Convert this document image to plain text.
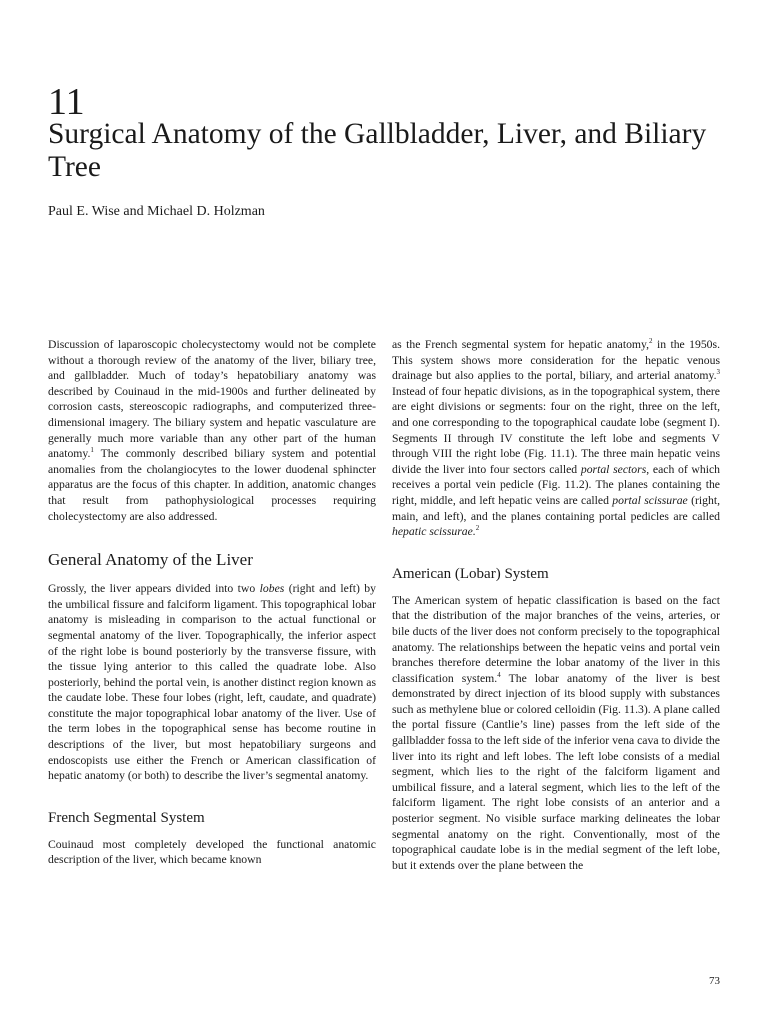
11
Surgical Anatomy of the Gallbladder, Liver, and Biliary Tree

Paul E. Wise and Michael D. Holzman

Discussion of laparoscopic cholecystectomy would not be complete without a thorough review of the anatomy of the liver, biliary tree, and gallbladder. Much of today’s hepatobiliary anatomy was described by Couinaud in the mid-1900s and further delineated by corrosion casts, stereoscopic radiographs, and computerized three-dimensional imagery. The biliary system and hepatic vasculature are generally much more variable than any other part of the human anatomy.$^1$ The commonly described biliary system and potential anomalies from the cholangiocytes to the lower duodenal sphincter apparatus are the focus of this chapter. In addition, anatomic changes that result from pathophysiological processes requiring cholecystectomy are also addressed.

General Anatomy of the Liver

Grossly, the liver appears divided into two lobes (right and left) by the umbilical fissure and falciform ligament. This topographical lobar anatomy is misleading in comparison to the actual functional or segmental anatomy of the liver. Topographically, the inferior aspect of the right lobe is bound posteriorly by the transverse fissure, with the tissue lying anterior to this called the quadrate lobe. Also posteriorly, behind the portal vein, is another distinct region known as the caudate lobe. These four lobes (right, left, caudate, and quadrate) constitute the major topographical lobar anatomy of the liver. Use of the term lobes in the topographical sense has become routine in descriptions of the liver, but most hepatobiliary surgeons and endoscopists use either the French or American classification of hepatic anatomy (or both) to describe the liver’s segmental anatomy.

French Segmental System

Couinaud most completely developed the functional anatomic description of the liver, which became known

as the French segmental system for hepatic anatomy,$^2$ in the 1950s. This system shows more consideration for the hepatic venous drainage but also applies to the portal, biliary, and arterial anatomy.$^3$ Instead of four hepatic divisions, as in the topographical system, there are eight divisions or segments: four on the right, three on the left, and one corresponding to the topographical caudate lobe (segment I). Segments II through IV constitute the left lobe and segments V through VIII the right lobe (Fig. 11.1). The three main hepatic veins divide the liver into four sectors called portal sectors, each of which receives a portal vein pedicle (Fig. 11.2). The planes containing the right, middle, and left hepatic veins are called portal scissurae (right, main, and left), and the planes containing portal pedicles are called hepatic scissurae.$^2$

American (Lobar) System

The American system of hepatic classification is based on the fact that the distribution of the major branches of the veins, arteries, or bile ducts of the liver does not conform precisely to the topographical anatomy. The relationships between the hepatic veins and portal vein branches therefore determine the lobar anatomy of the liver in this classification system.$^4$ The lobar anatomy of the liver is best demonstrated by direct injection of its blood supply with substances such as methylene blue or colored celloidin (Fig. 11.3). A plane called the portal fissure (Cantlie’s line) passes from the left side of the gallbladder fossa to the left side of the inferior vena cava to divide the liver into its right and left lobes. The left lobe consists of a medial segment, which lies to the right of the falciform ligament and umbilical fissure, and a lateral segment, which lies to the left of the falciform ligament. The right lobe consists of an anterior and a posterior segment. No visible surface marking delineates the lobar segmental anatomy on the right. Conventionally, most of the topographical caudate lobe is in the medial segment of the left lobe, but it extends over the plane between the

73
